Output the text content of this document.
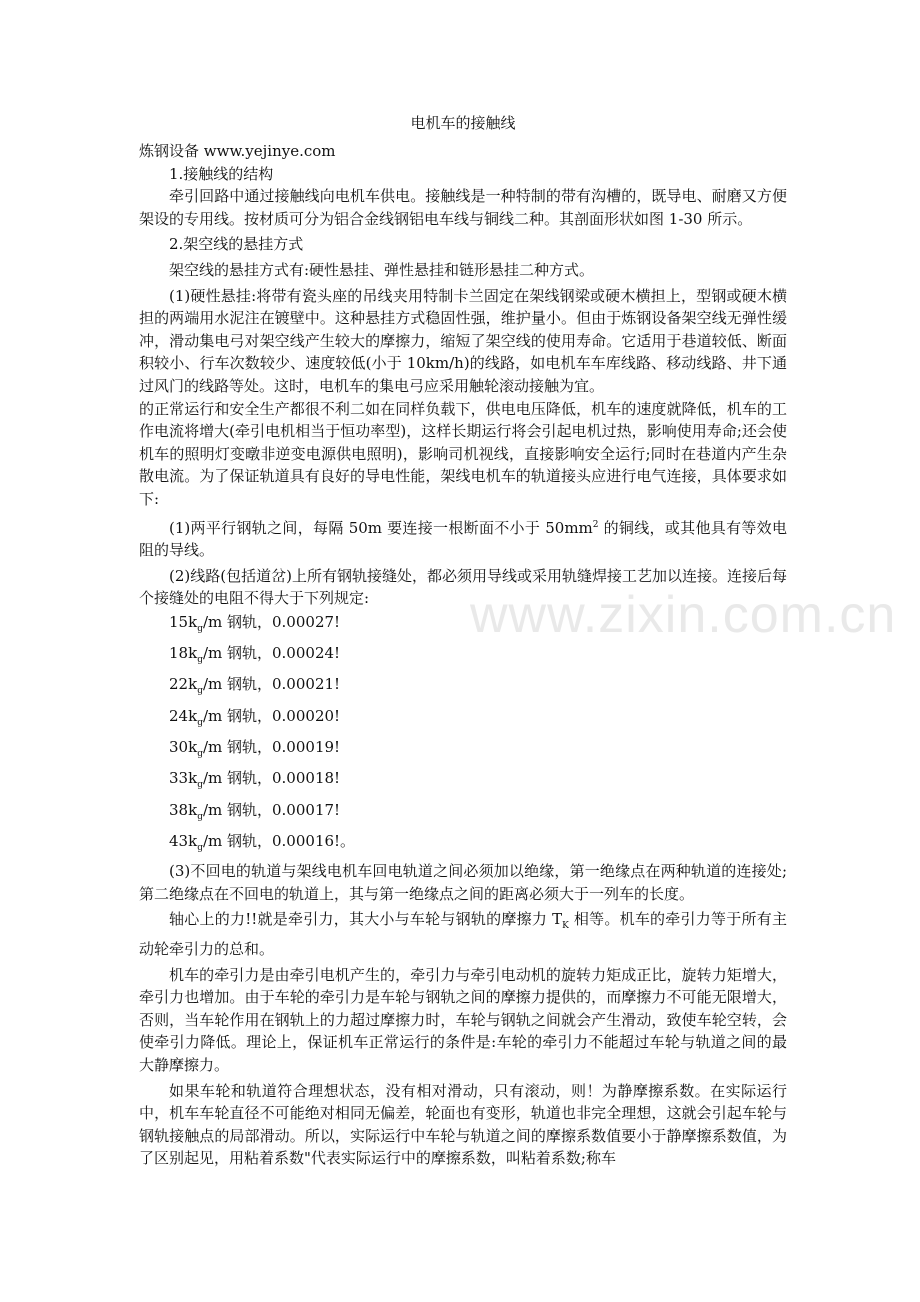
www.zixin.com.cn
电机车的接触线

炼钢设备 www.yejinye.com

1.接触线的结构

牵引回路中通过接触线向电机车供电。接触线是一种特制的带有沟槽的，既导电、耐磨又方便架设的专用线。按材质可分为铝合金线钢铝电车线与铜线二种。其剖面形状如图 1-30 所示。

2.架空线的悬挂方式

架空线的悬挂方式有:硬性悬挂、弹性悬挂和链形悬挂二种方式。

(1)硬性悬挂:将带有瓷头座的吊线夹用特制卡兰固定在架线钢梁或硬木横担上，型钢或硬木横担的两端用水泥注在镀壁中。这种悬挂方式稳固性强，维护量小。但由于炼钢设备架空线无弹性缓冲，滑动集电弓对架空线产生较大的摩擦力，缩短了架空线的使用寿命。它适用于巷道较低、断面积较小、行车次数较少、速度较低(小于 10km/h)的线路，如电机车车库线路、移动线路、井下通过风门的线路等处。这时，电机车的集电弓应采用触轮滚动接触为宜。

的正常运行和安全生产都很不利二如在同样负载下，供电电压降低，机车的速度就降低，机车的工作电流将增大(牵引电机相当于恒功率型)，这样长期运行将会引起电机过热，影响使用寿命;还会使机车的照明灯变暾非逆变电源供电照明)，影响司机视线，直接影响安全运行;同时在巷道内产生杂散电流。为了保证轨道具有良好的导电性能，架线电机车的轨道接头应进行电气连接，具体要求如下:

(1)两平行钢轨之间，每隔 50m 要连接一根断面不小于 $50mm^2$ 的铜线，或其他具有等效电阻的导线。

(2)线路(包括道岔)上所有钢轨接缝处，都必须用导线或采用轨缝焊接工艺加以连接。连接后每个接缝处的电阻不得大于下列规定:

$15k_g/m$ 钢轨，0.00027!
$18k_g/m$ 钢轨，0.00024!
$22k_g/m$ 钢轨，0.00021!
$24k_g/m$ 钢轨，0.00020!
$30k_g/m$ 钢轨，0.00019!
$33k_g/m$ 钢轨，0.00018!
$38k_g/m$ 钢轨，0.00017!
$43k_g/m$ 钢轨，0.00016!。

(3)不回电的轨道与架线电机车回电轨道之间必须加以绝缘，第一绝缘点在两种轨道的连接处;第二绝缘点在不回电的轨道上，其与第一绝缘点之间的距离必须大于一列车的长度。

轴心上的力!!就是牵引力，其大小与车轮与钢轨的摩擦力 $T_K$ 相等。机车的牵引力等于所有主动轮牵引力的总和。

机车的牵引力是由牵引电机产生的，牵引力与牵引电动机的旋转力矩成正比，旋转力矩增大，牵引力也增加。由于车轮的牵引力是车轮与钢轨之间的摩擦力提供的，而摩擦力不可能无限增大，否则，当车轮作用在钢轨上的力超过摩擦力时，车轮与钢轨之间就会产生滑动，致使车轮空转，会使牵引力降低。理论上，保证机车正常运行的条件是:车轮的牵引力不能超过车轮与轨道之间的最大静摩擦力。

如果车轮和轨道符合理想状态，没有相对滑动，只有滚动，则！为静摩擦系数。在实际运行中，机车车轮直径不可能绝对相同无偏差，轮面也有变形，轨道也非完全理想，这就会引起车轮与钢轨接触点的局部滑动。所以，实际运行中车轮与轨道之间的摩擦系数值要小于静摩擦系数值，为了区别起见，用粘着系数"代表实际运行中的摩擦系数，叫粘着系数;称车
